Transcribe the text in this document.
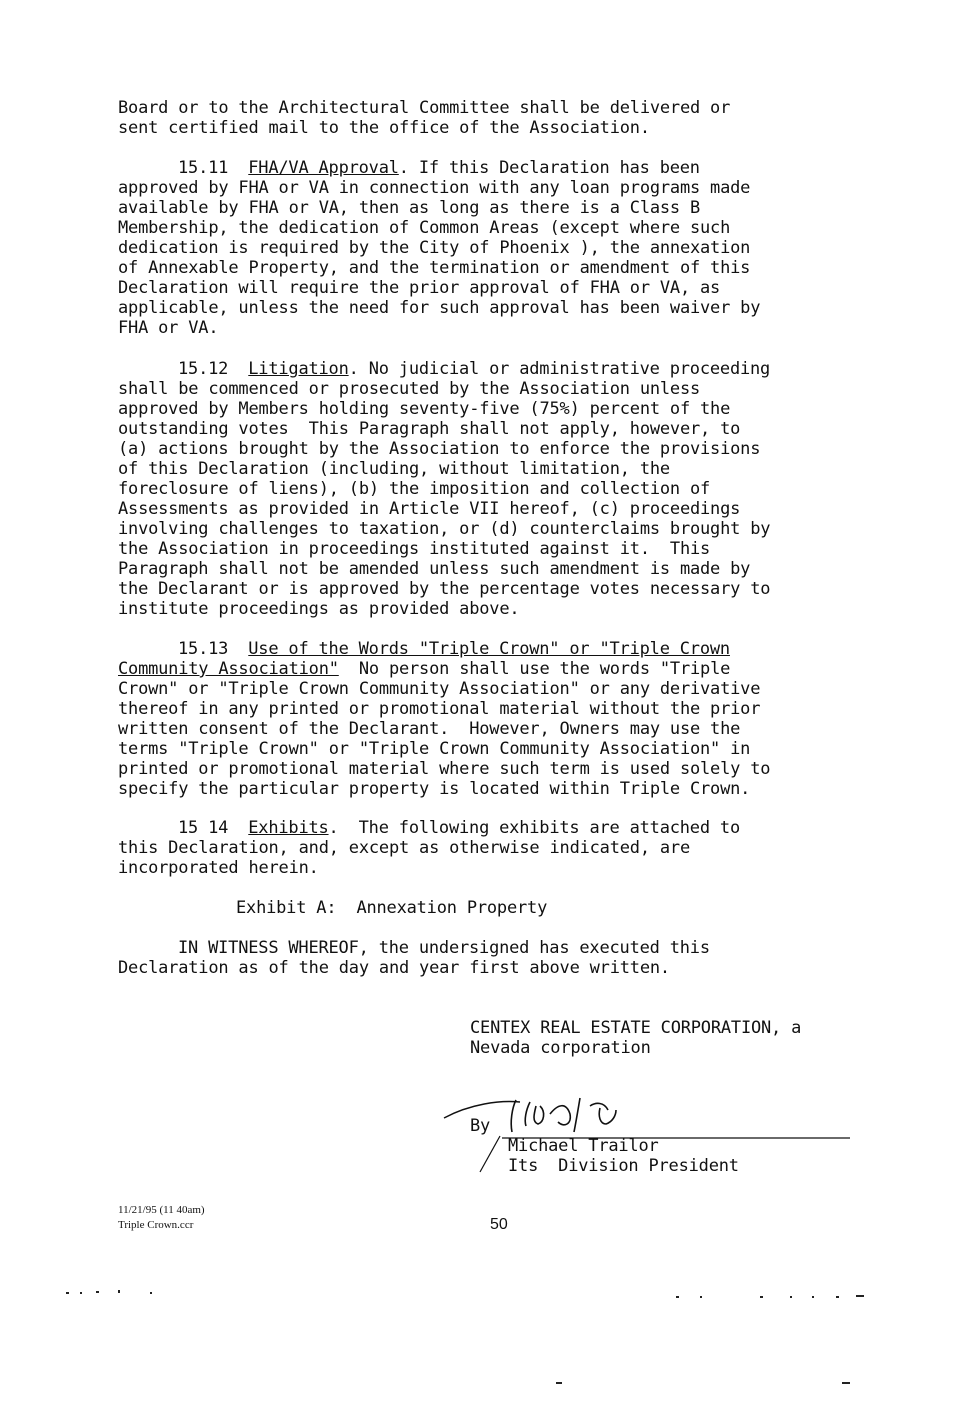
Board or to the Architectural Committee shall be delivered or

sent certified mail to the office of the Association.

15.11 FHA/VA Approval. If this Declaration has been

approved by FHA or VA in connection with any loan programs made

available by FHA or VA, then as long as there is a Class B

Membership, the dedication of Common Areas (except where such

dedication is required by the City of Phoenix ), the annexation

of Annexable Property, and the termination or amendment of this

Declaration will require the prior approval of FHA or VA, as

applicable, unless the need for such approval has been waiver by

FHA or VA.

15.12 Litigation. No judicial or administrative proceeding

shall be commenced or prosecuted by the Association unless

approved by Members holding seventy-five (75%) percent of the

outstanding votes  This Paragraph shall not apply, however, to

(a) actions brought by the Association to enforce the provisions

of this Declaration (including, without limitation, the

foreclosure of liens), (b) the imposition and collection of

Assessments as provided in Article VII hereof, (c) proceedings

involving challenges to taxation, or (d) counterclaims brought by

the Association in proceedings instituted against it.  This

Paragraph shall not be amended unless such amendment is made by

the Declarant or is approved by the percentage votes necessary to

institute proceedings as provided above.

15.13 Use of the Words "Triple Crown" or "Triple Crown

Community Association"  No person shall use the words "Triple

Crown" or "Triple Crown Community Association" or any derivative

thereof in any printed or promotional material without the prior

written consent of the Declarant.  However, Owners may use the

terms "Triple Crown" or "Triple Crown Community Association" in

printed or promotional material where such term is used solely to

specify the particular property is located within Triple Crown.

15 14 Exhibits.  The following exhibits are attached to

this Declaration, and, except as otherwise indicated, are

incorporated herein.

Exhibit A: Annexation Property

IN WITNESS WHEREOF, the undersigned has executed this

Declaration as of the day and year first above written.

CENTEX REAL ESTATE CORPORATION, a

Nevada corporation

By

Michael Trailor

Its  Division President

11/21/95 (11 40am)

Triple Crown.ccr	50
